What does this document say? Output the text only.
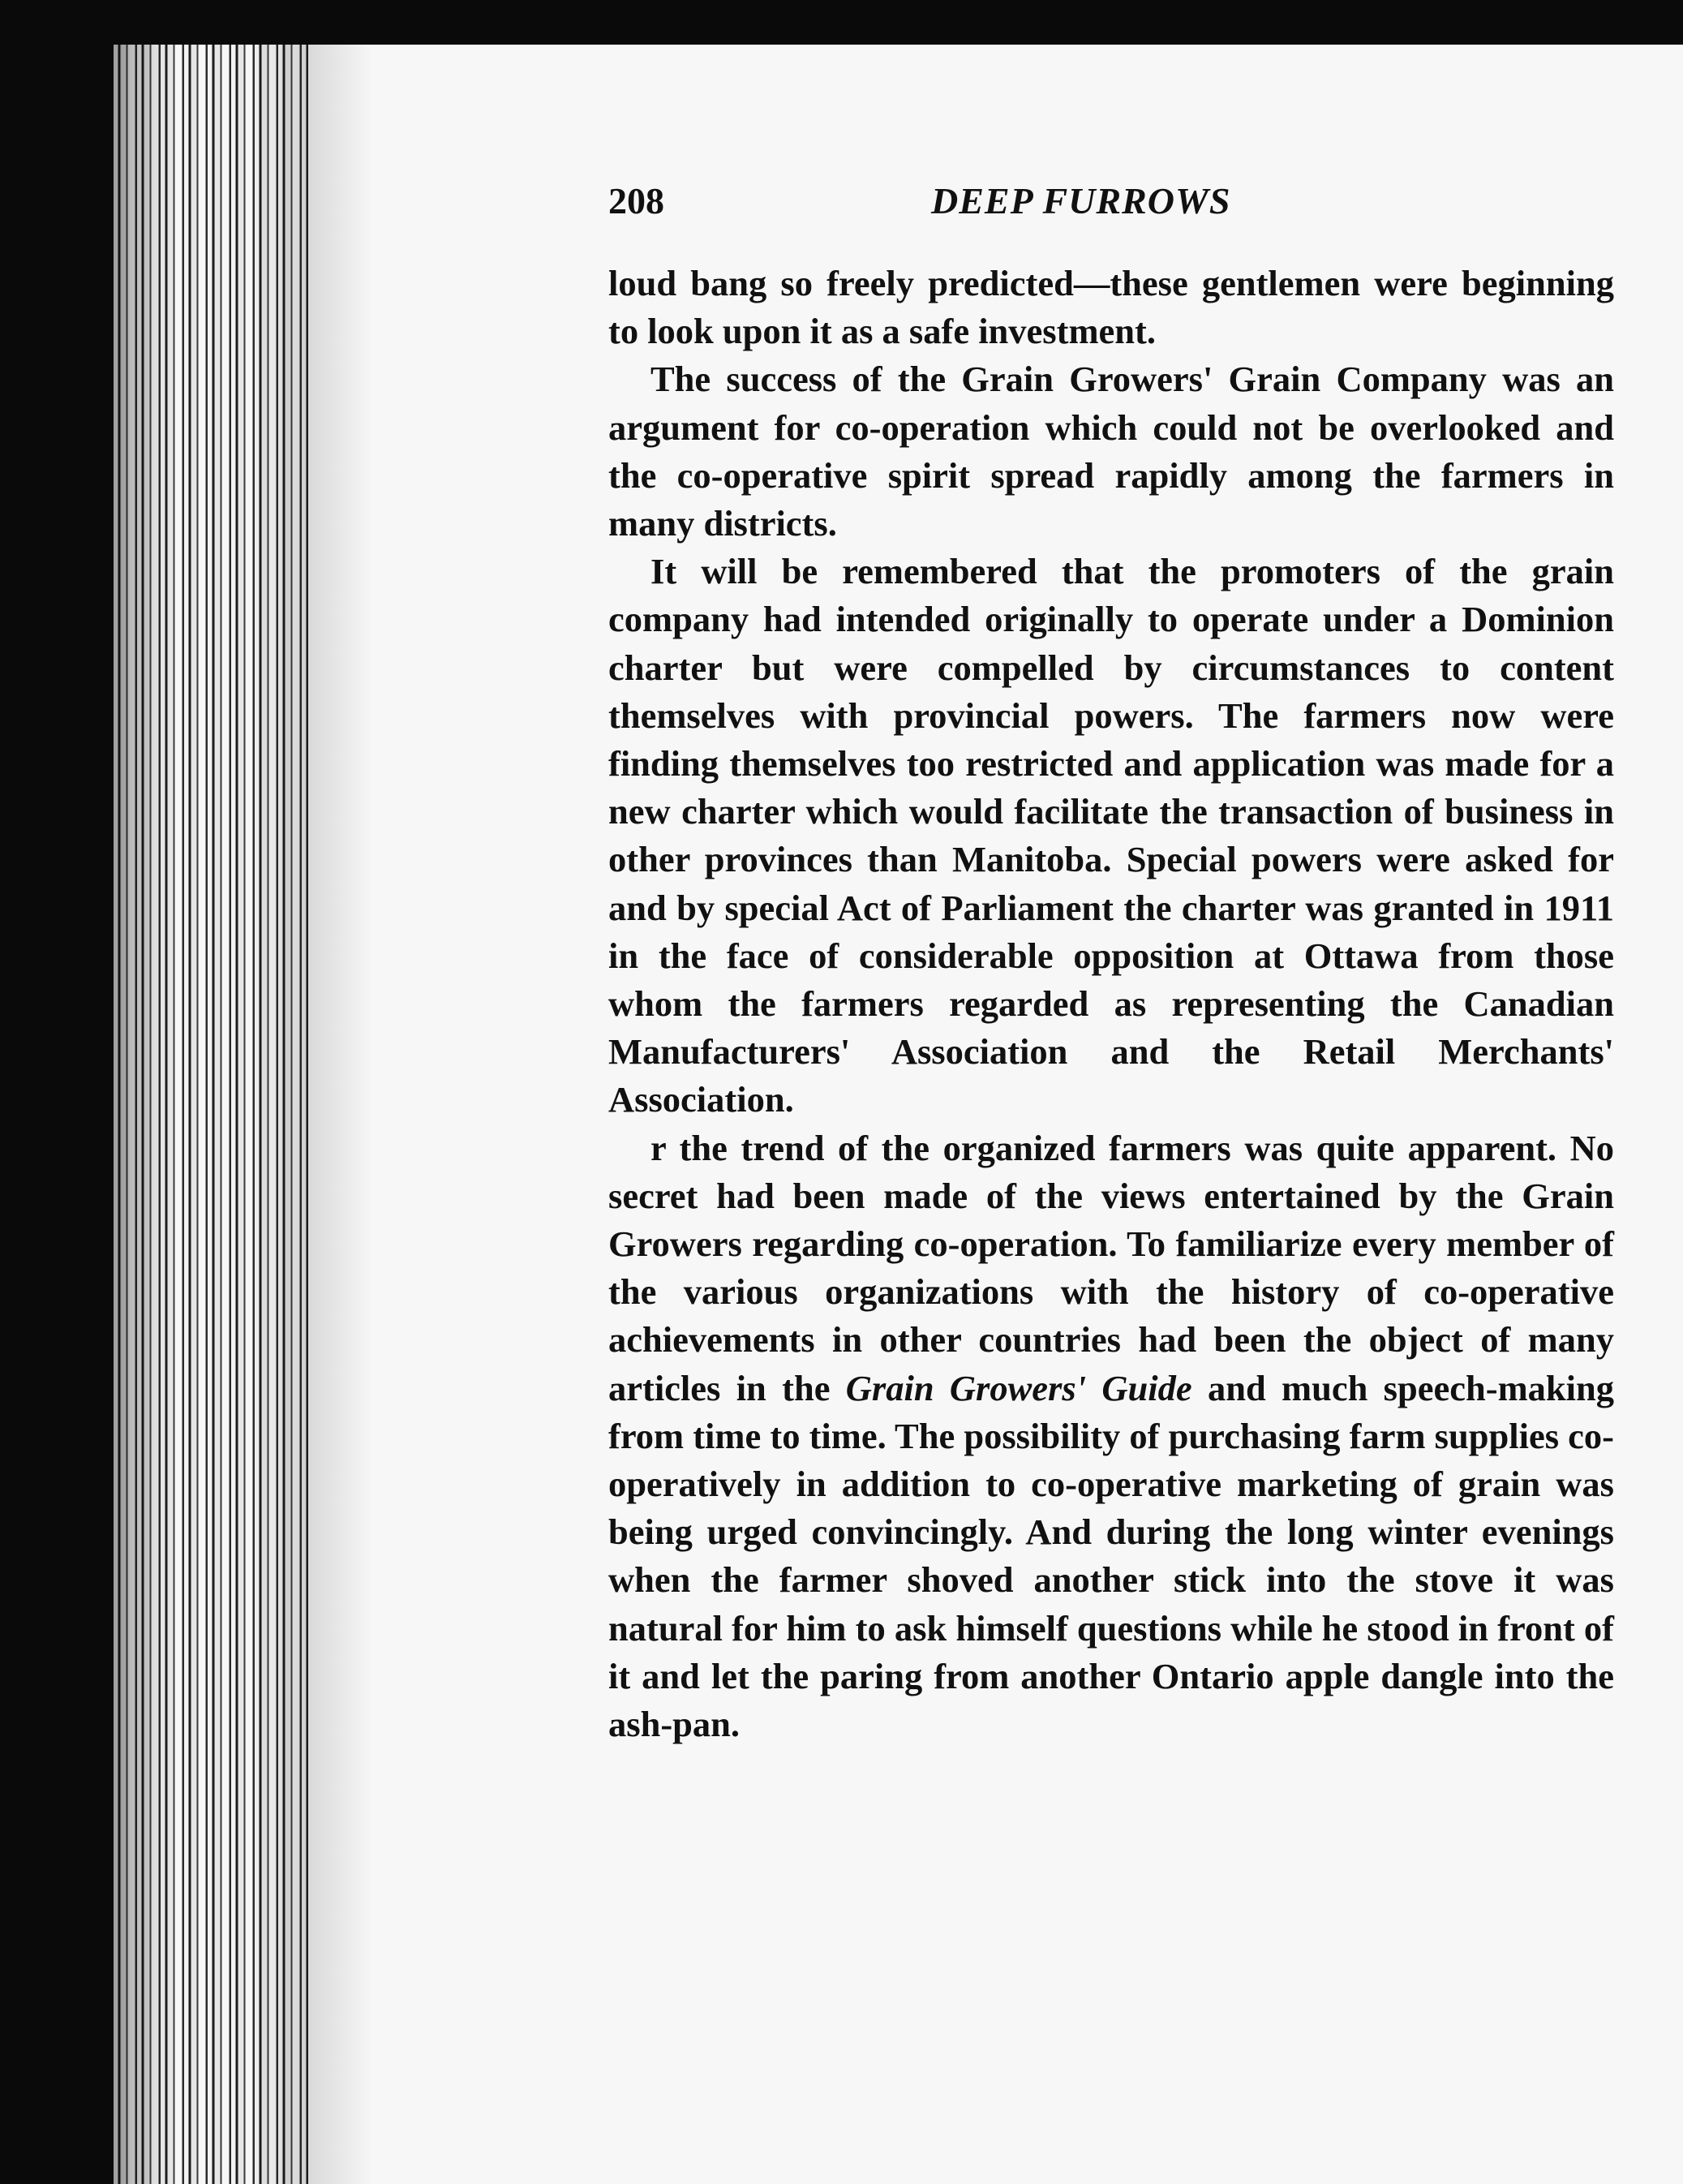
208	DEEP FURROWS

loud bang so freely predicted—these gentlemen were beginning to look upon it as a safe investment.

The success of the Grain Growers' Grain Company was an argument for co-operation which could not be overlooked and the co-operative spirit spread rapidly among the farmers in many districts.

It will be remembered that the promoters of the grain company had intended originally to operate under a Dominion charter but were compelled by circumstances to content themselves with provincial powers. The farmers now were finding themselves too restricted and application was made for a new charter which would facilitate the transaction of business in other provinces than Manitoba. Special powers were asked for and by special Act of Parliament the charter was granted in 1911 in the face of considerable opposition at Ottawa from those whom the farmers regarded as representing the Canadian Manufacturers' Association and the Retail Merchants' Association.

r the trend of the organized farmers was quite apparent. No secret had been made of the views entertained by the Grain Growers regarding co-operation. To familiarize every member of the various organizations with the history of co-operative achievements in other countries had been the object of many articles in the Grain Growers' Guide and much speech-making from time to time. The possibility of purchasing farm supplies co-operatively in addition to co-operative marketing of grain was being urged convincingly. And during the long winter evenings when the farmer shoved another stick into the stove it was natural for him to ask himself questions while he stood in front of it and let the paring from another Ontario apple dangle into the ash-pan.
